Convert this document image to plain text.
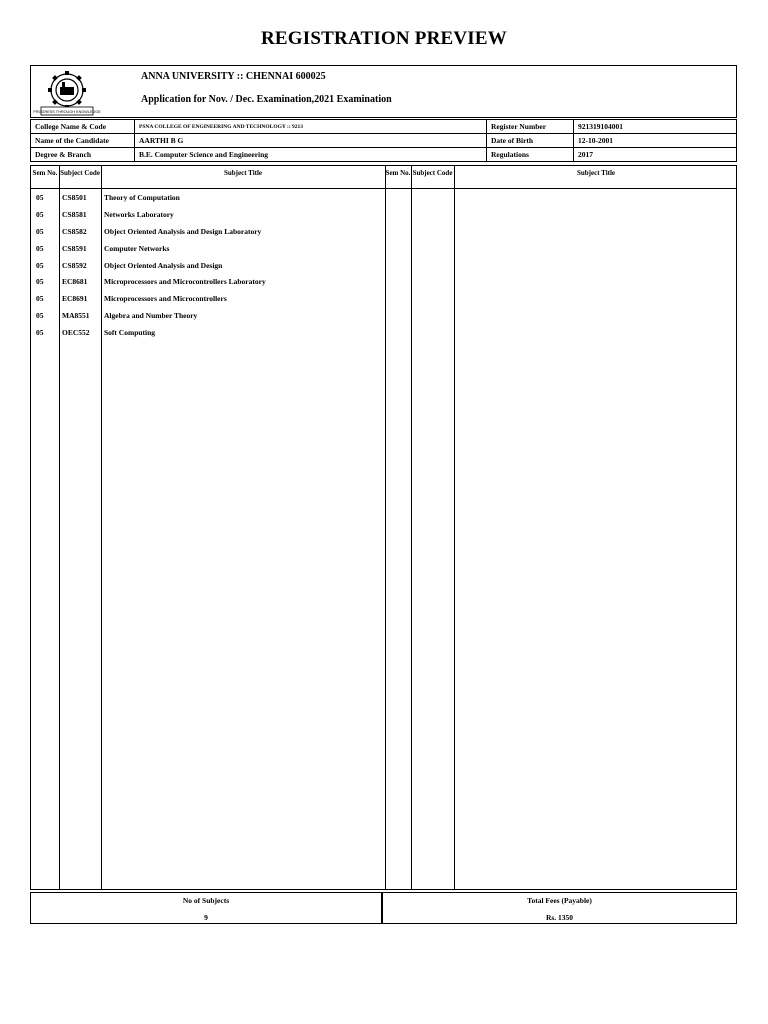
REGISTRATION PREVIEW
PROGRESS THROUGH KNOWLEDGE
ANNA UNIVERSITY :: CHENNAI 600025
Application for Nov. / Dec. Examination,2021 Examination
College Name & Code	PSNA COLLEGE OF ENGINEERING AND TECHNOLOGY :: 9213	Register Number	921319104001
Name of the Candidate	AARTHI B G	Date of Birth	12-10-2001
Degree & Branch	B.E. Computer Science and Engineering	Regulations	2017
Sem No. Subject Code	Subject Title	Sem No. Subject Code	Subject Title
05 CS8501 Theory of Computation
05 CS8581 Networks Laboratory
05 CS8582 Object Oriented Analysis and Design Laboratory
05 CS8591 Computer Networks
05 CS8592 Object Oriented Analysis and Design
05 EC8681 Microprocessors and Microcontrollers Laboratory
05 EC8691 Microprocessors and Microcontrollers
05 MA8551 Algebra and Number Theory
05 OEC552 Soft Computing
No of Subjects
9
Total Fees (Payable)
Rs. 1350
